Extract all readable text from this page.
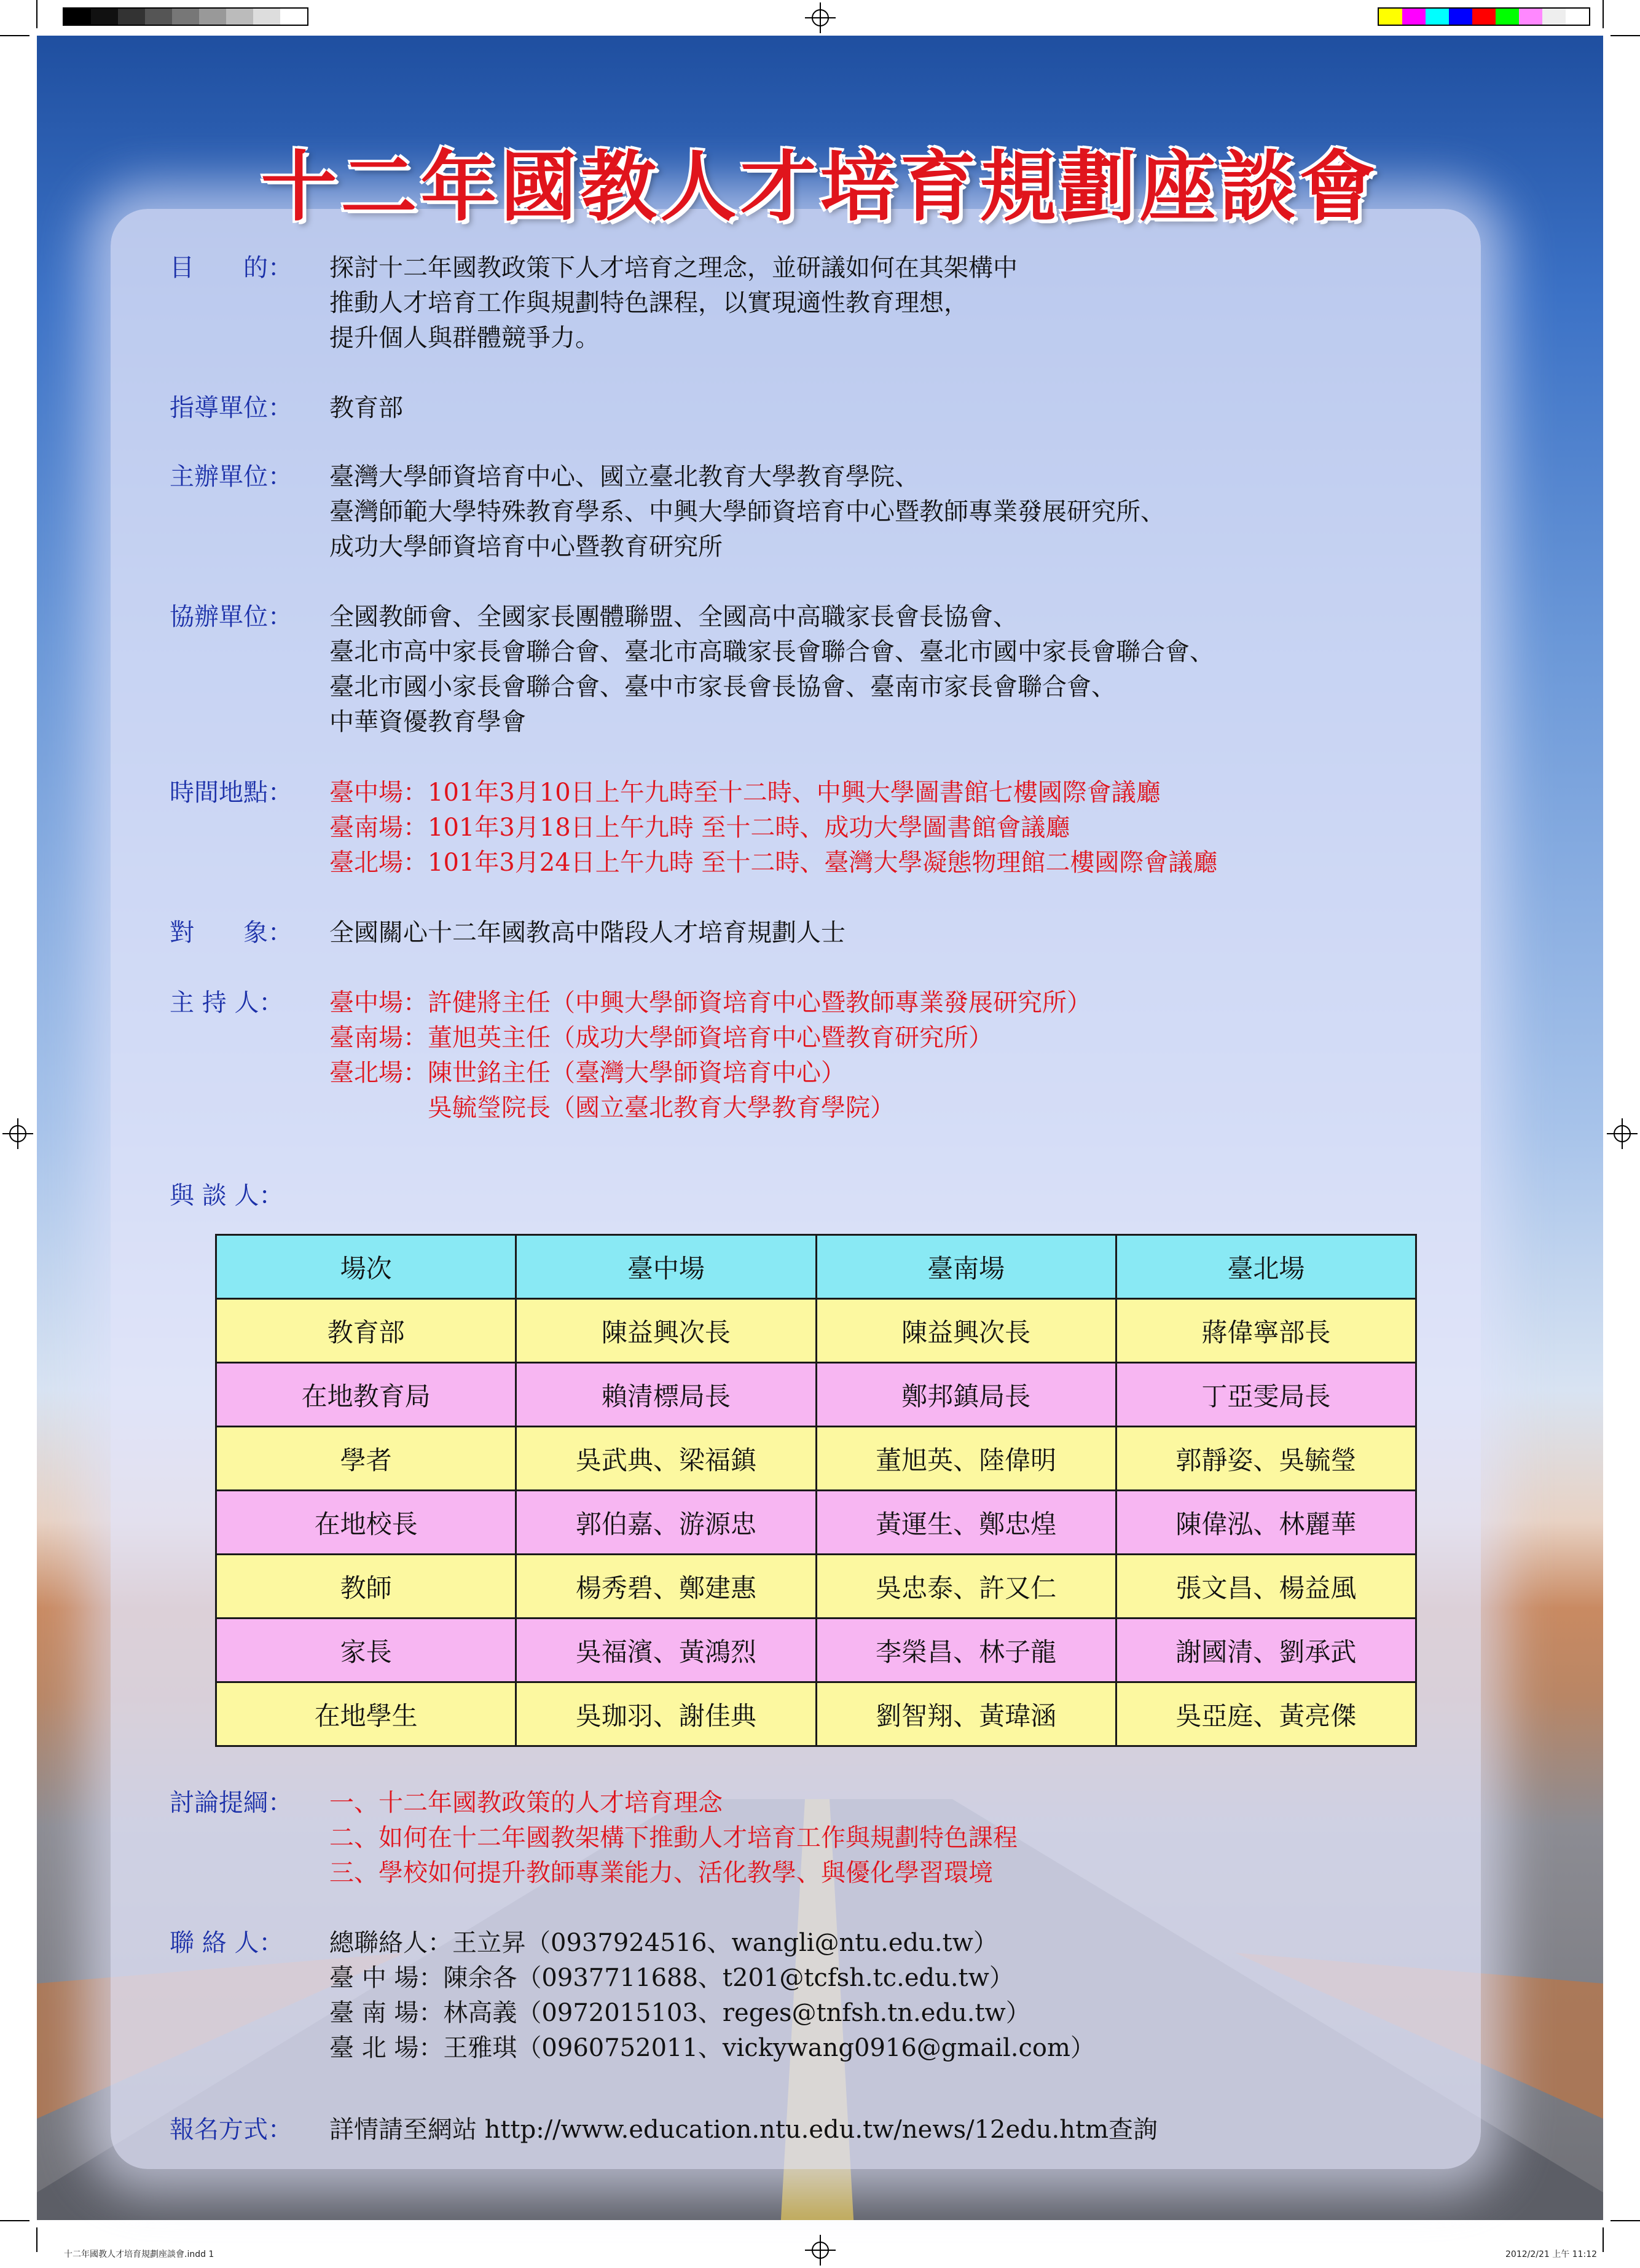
十二年國教人才培育規劃座談會
目　　的： 探討十二年國教政策下人才培育之理念，並研議如何在其架構中
推動人才培育工作與規劃特色課程，以實現適性教育理想，
提升個人與群體競爭力。
指導單位： 教育部
主辦單位： 臺灣大學師資培育中心、國立臺北教育大學教育學院、
臺灣師範大學特殊教育學系、中興大學師資培育中心暨教師專業發展研究所、
成功大學師資培育中心暨教育研究所
協辦單位： 全國教師會、全國家長團體聯盟、全國高中高職家長會長協會、
臺北市高中家長會聯合會、臺北市高職家長會聯合會、臺北市國中家長會聯合會、
臺北市國小家長會聯合會、臺中市家長會長協會、臺南市家長會聯合會、
中華資優教育學會
時間地點： 臺中場：101年3月10日上午九時至十二時、中興大學圖書館七樓國際會議廳
臺南場：101年3月18日上午九時 至十二時、成功大學圖書館會議廳
臺北場：101年3月24日上午九時 至十二時、臺灣大學凝態物理館二樓國際會議廳
對　　象： 全國關心十二年國教高中階段人才培育規劃人士
主 持 人： 臺中場：許健將主任（中興大學師資培育中心暨教師專業發展研究所）
臺南場：董旭英主任（成功大學師資培育中心暨教育研究所）
臺北場：陳世銘主任（臺灣大學師資培育中心）
　　　　吳毓瑩院長（國立臺北教育大學教育學院）
與 談 人：
場次	臺中場	臺南場	臺北場
教育部	陳益興次長	陳益興次長	蔣偉寧部長
在地教育局	賴清標局長	鄭邦鎮局長	丁亞雯局長
學者	吳武典、梁福鎮	董旭英、陸偉明	郭靜姿、吳毓瑩
在地校長	郭伯嘉、游源忠	黃運生、鄭忠煌	陳偉泓、林麗華
教師	楊秀碧、鄭建惠	吳忠泰、許又仁	張文昌、楊益風
家長	吳福濱、黃鴻烈	李榮昌、林子龍	謝國清、劉承武
在地學生	吳珈羽、謝佳典	劉智翔、黃瑋涵	吳亞庭、黃亮傑
討論提綱： 一、十二年國教政策的人才培育理念
二、如何在十二年國教架構下推動人才培育工作與規劃特色課程
三、學校如何提升教師專業能力、活化教學、與優化學習環境
聯 絡 人： 總聯絡人：王立昇（0937924516、wangli@ntu.edu.tw）
臺 中 場：陳余各（0937711688、t201@tcfsh.tc.edu.tw）
臺 南 場：林高義（0972015103、reges@tnfsh.tn.edu.tw）
臺 北 場：王雅琪（0960752011、vickywang0916@gmail.com）
報名方式： 詳情請至網站 http://www.education.ntu.edu.tw/news/12edu.htm查詢
十二年國教人才培育規劃座談會.indd 1	2012/2/21 上午 11:12
